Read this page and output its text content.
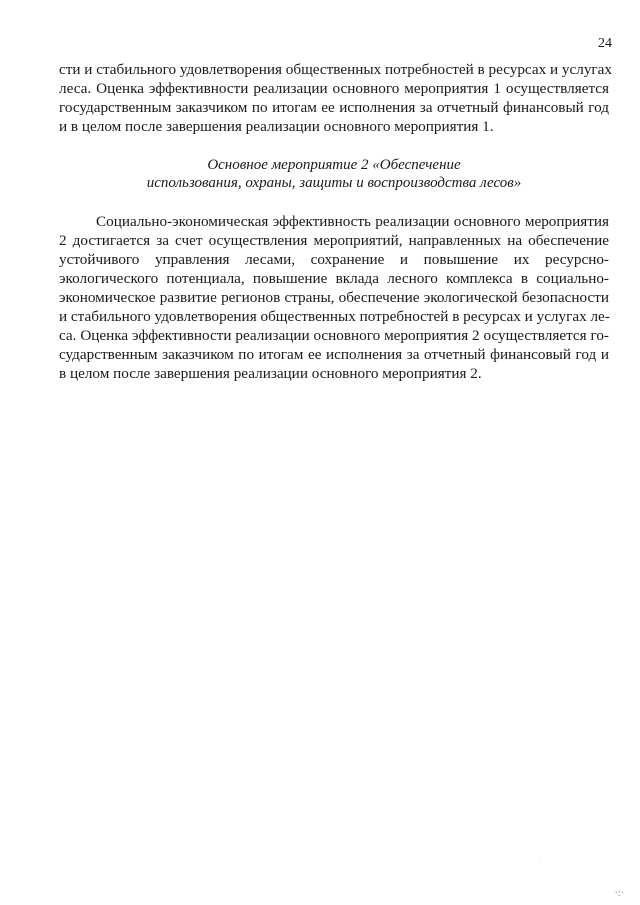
24
сти и стабильного удовлетворения общественных потребностей в ресурсах и услугах
леса. Оценка эффективности реализации основного мероприятия 1 осуществляется
государственным заказчиком по итогам ее исполнения за отчетный финансовый год
и в целом после завершения реализации основного мероприятия 1.
Основное мероприятие 2 «Обеспечение
использования, охраны, защиты и воспроизводства лесов»
Социально-экономическая эффективность реализации основного мероприятия
2 достигается за счет осуществления мероприятий, направленных на обеспечение
устойчивого управления лесами, сохранение и повышение их ресурсно-
экологического потенциала, повышение вклада лесного комплекса в социально-
экономическое развитие регионов страны, обеспечение экологической безопасности
и стабильного удовлетворения общественных потребностей в ресурсах и услугах ле-
са. Оценка эффективности реализации основного мероприятия 2 осуществляется го-
сударственным заказчиком по итогам ее исполнения за отчетный финансовый год и
в целом после завершения реализации основного мероприятия 2.
·:·
·
